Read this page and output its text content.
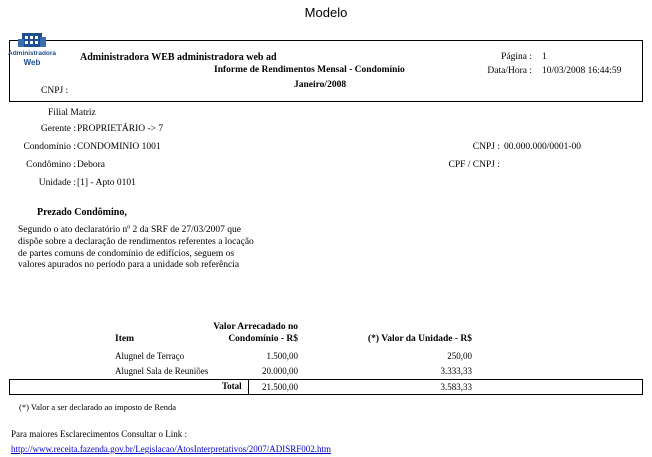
Modelo
Administradora
Web	Administradora WEB administradora web ad
Informe de Rendimentos Mensal - Condomínio
Janeiro/2008
Página : 1
Data/Hora : 10/03/2008 16:44:59
CNPJ :
Filial Matriz
Gerente : PROPRIETÁRIO -> 7
Condomínio : CONDOMINIO 1001	CNPJ : 00.000.000/0001-00
Condômino : Debora	CPF / CNPJ :
Unidade : [1] - Apto 0101
Prezado Condômino,
Segundo o ato declaratório nº 2 da SRF de 27/03/2007 que
dispõe sobre a declaração de rendimentos referentes a locação
de partes comuns de condomínio de edifícios, seguem os
valores apurados no período para a unidade sob referência
Item
Valor Arrecadado no
Condomínio - R$	(*) Valor da Unidade - R$
Alugnel de Terraço	1.500,00	250,00
Alugnel Sala de Reuniões	20.000,00	3.333,33
Total	21.500,00	3.583,33
(*) Valor a ser declarado ao imposto de Renda
Para maiores Esclarecimentos Consultar o Link :
http://www.receita.fazenda.gov.br/Legislacao/AtosInterpretativos/2007/ADISRF002.htm
